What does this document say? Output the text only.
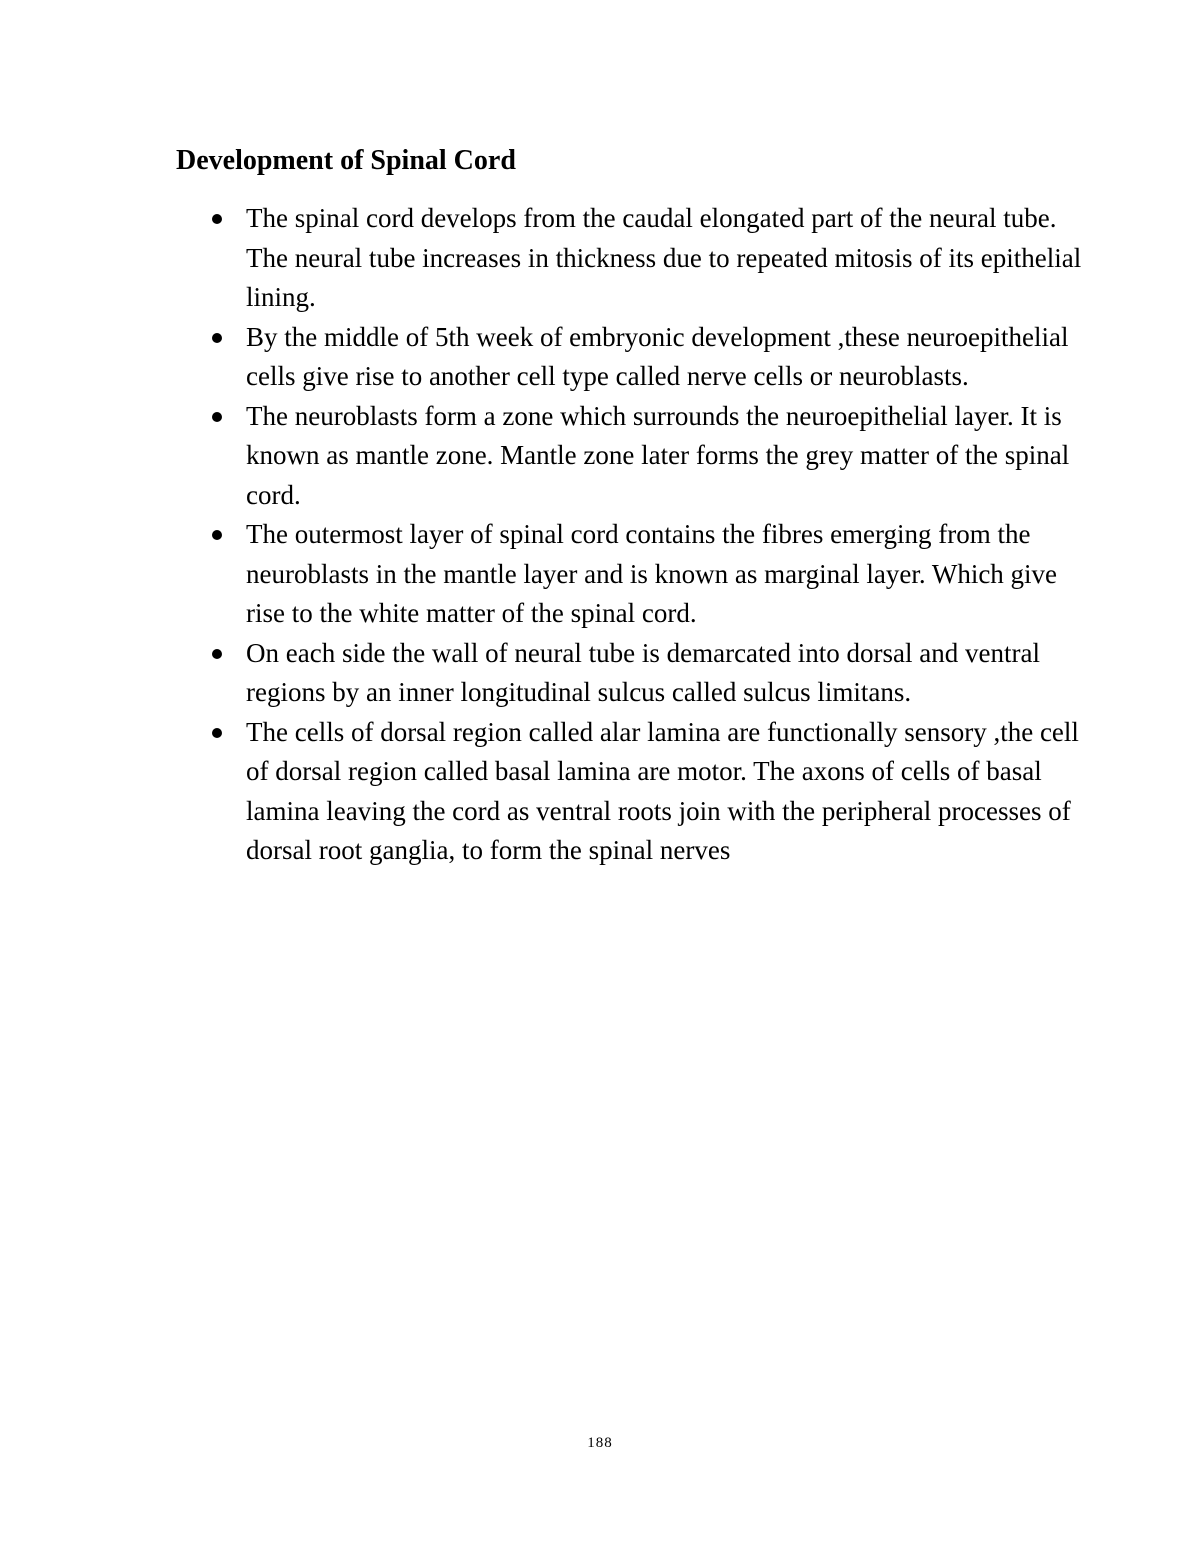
Development of Spinal Cord
The spinal cord develops from the caudal elongated part of the neural tube. The neural tube increases in thickness due to repeated mitosis of its epithelial lining.
By the middle of 5th week of embryonic development ,these neuroepithelial cells give rise to another cell type called nerve cells or neuroblasts.
The neuroblasts form a zone which surrounds the neuroepithelial layer. It is known as mantle zone. Mantle zone later forms the grey matter of the spinal cord.
The outermost layer of spinal cord contains the fibres emerging from the neuroblasts in the mantle layer and is known as marginal layer. Which give rise to the white matter of the spinal cord.
On each side the wall of neural tube is demarcated into dorsal and ventral regions by an inner longitudinal sulcus called sulcus limitans.
The cells of dorsal region called alar lamina are functionally sensory ,the cell of dorsal region called basal lamina are motor. The axons of cells of basal lamina leaving the cord as ventral roots join with the peripheral processes of dorsal root ganglia, to form the spinal nerves
188
